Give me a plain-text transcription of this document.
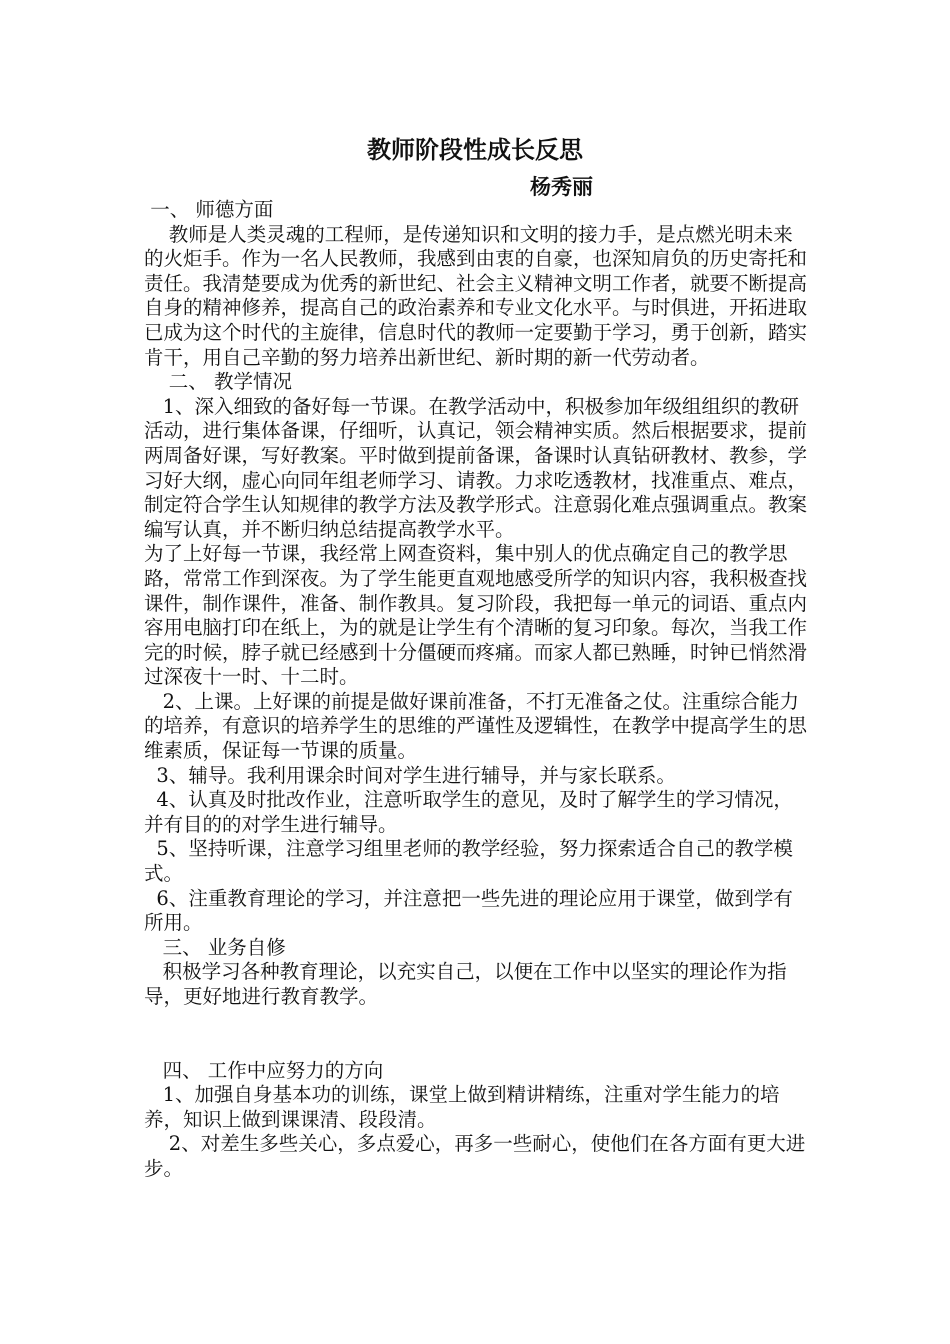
教师阶段性成长反思
杨秀丽

一、 师德方面

教师是人类灵魂的工程师，是传递知识和文明的接力手，是点燃光明未来的火炬手。作为一名人民教师，我感到由衷的自豪，也深知肩负的历史寄托和责任。我清楚要成为优秀的新世纪、社会主义精神文明工作者，就要不断提高自身的精神修养，提高自己的政治素养和专业文化水平。与时俱进，开拓进取已成为这个时代的主旋律，信息时代的教师一定要勤于学习，勇于创新，踏实肯干，用自己辛勤的努力培养出新世纪、新时期的新一代劳动者。

二、 教学情况

1、深入细致的备好每一节课。在教学活动中，积极参加年级组组织的教研活动，进行集体备课，仔细听，认真记，领会精神实质。然后根据要求，提前两周备好课，写好教案。平时做到提前备课，备课时认真钻研教材、教参，学习好大纲，虚心向同年组老师学习、请教。力求吃透教材，找准重点、难点，制定符合学生认知规律的教学方法及教学形式。注意弱化难点强调重点。教案编写认真，并不断归纳总结提高教学水平。

为了上好每一节课，我经常上网查资料，集中别人的优点确定自己的教学思路，常常工作到深夜。为了学生能更直观地感受所学的知识内容，我积极查找课件，制作课件，准备、制作教具。复习阶段，我把每一单元的词语、重点内容用电脑打印在纸上，为的就是让学生有个清晰的复习印象。每次，当我工作完的时候，脖子就已经感到十分僵硬而疼痛。而家人都已熟睡，时钟已悄然滑过深夜十一时、十二时。

2、上课。上好课的前提是做好课前准备，不打无准备之仗。注重综合能力的培养，有意识的培养学生的思维的严谨性及逻辑性，在教学中提高学生的思维素质，保证每一节课的质量。

3、辅导。我利用课余时间对学生进行辅导，并与家长联系。

4、认真及时批改作业，注意听取学生的意见，及时了解学生的学习情况，并有目的的对学生进行辅导。

5、坚持听课，注意学习组里老师的教学经验，努力探索适合自己的教学模式。

6、注重教育理论的学习，并注意把一些先进的理论应用于课堂，做到学有所用。

三、 业务自修

积极学习各种教育理论，以充实自己，以便在工作中以坚实的理论作为指导，更好地进行教育教学。

四、 工作中应努力的方向

1、加强自身基本功的训练，课堂上做到精讲精练，注重对学生能力的培养，知识上做到课课清、段段清。

2、对差生多些关心，多点爱心，再多一些耐心，使他们在各方面有更大进步。
